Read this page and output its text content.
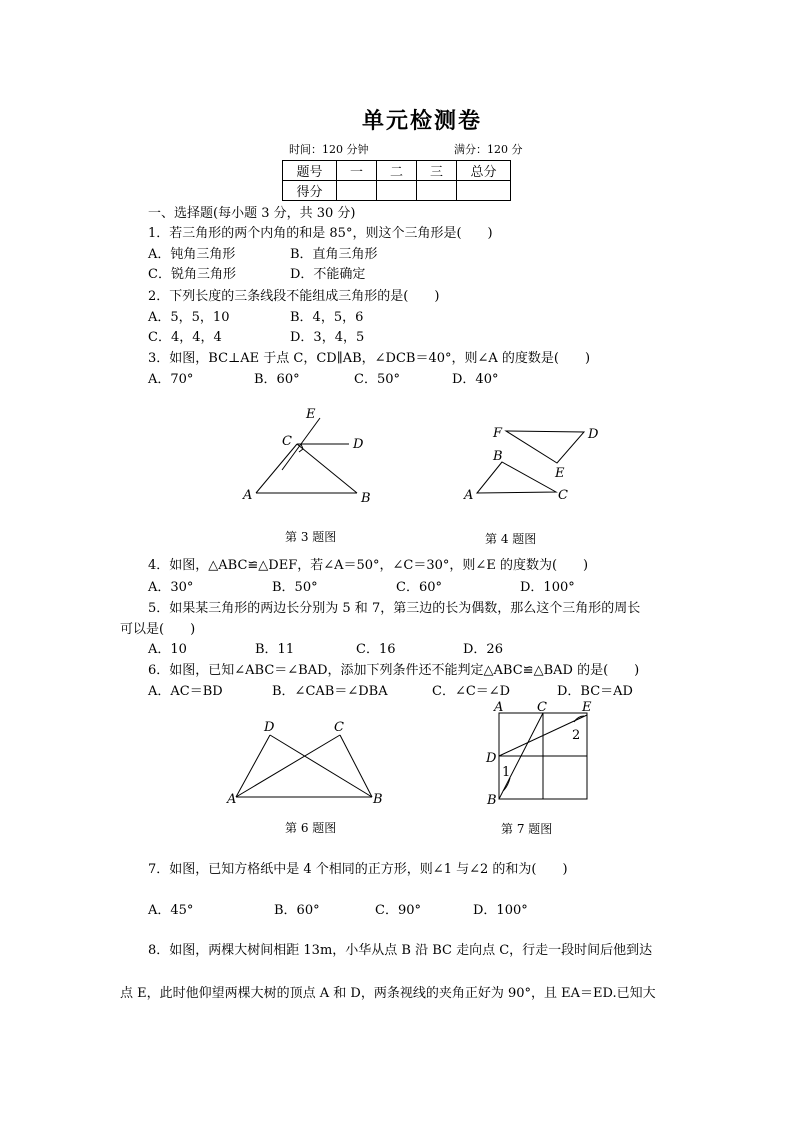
单元检测卷
时间：120 分钟	满分：120 分
题号	一	二	三	总分
得分				
一、选择题(每小题 3 分，共 30 分)
1．若三角形的两个内角的和是 85°，则这个三角形是(　　)
A．钝角三角形	B．直角三角形
C．锐角三角形	D．不能确定
2．下列长度的三条线段不能组成三角形的是(　　)
A．5，5，10	B．4，5，6
C．4，4，4	D．3，4，5
3．如图，BC⊥AE 于点 C，CD∥AB，∠DCB＝40°，则∠A 的度数是(　　)
A．70°	B．60°	C．50°	D．40°
E
C	D
A	B
F	D
B
E
A	C
D	C
A	B
A	C	E
2
D
1
B
第 3 题图	第 4 题图
4．如图，△ABC≌△DEF，若∠A＝50°，∠C＝30°，则∠E 的度数为(　　)
A．30°	B．50°	C．60°	D．100°
5．如果某三角形的两边长分别为 5 和 7，第三边的长为偶数，那么这个三角形的周长
可以是(　　)
A．10	B．11	C．16	D．26
6．如图，已知∠ABC＝∠BAD，添加下列条件还不能判定△ABC≌△BAD 的是(　　)
A．AC＝BD	B．∠CAB＝∠DBA	C．∠C＝∠D	D．BC＝AD
第 6 题图	第 7 题图
7．如图，已知方格纸中是 4 个相同的正方形，则∠1 与∠2 的和为(　　)
A．45°	B．60°	C．90°	D．100°
8．如图，两棵大树间相距 13m，小华从点 B 沿 BC 走向点 C，行走一段时间后他到达
点 E，此时他仰望两棵大树的顶点 A 和 D，两条视线的夹角正好为 90°，且 EA＝ED.已知大
